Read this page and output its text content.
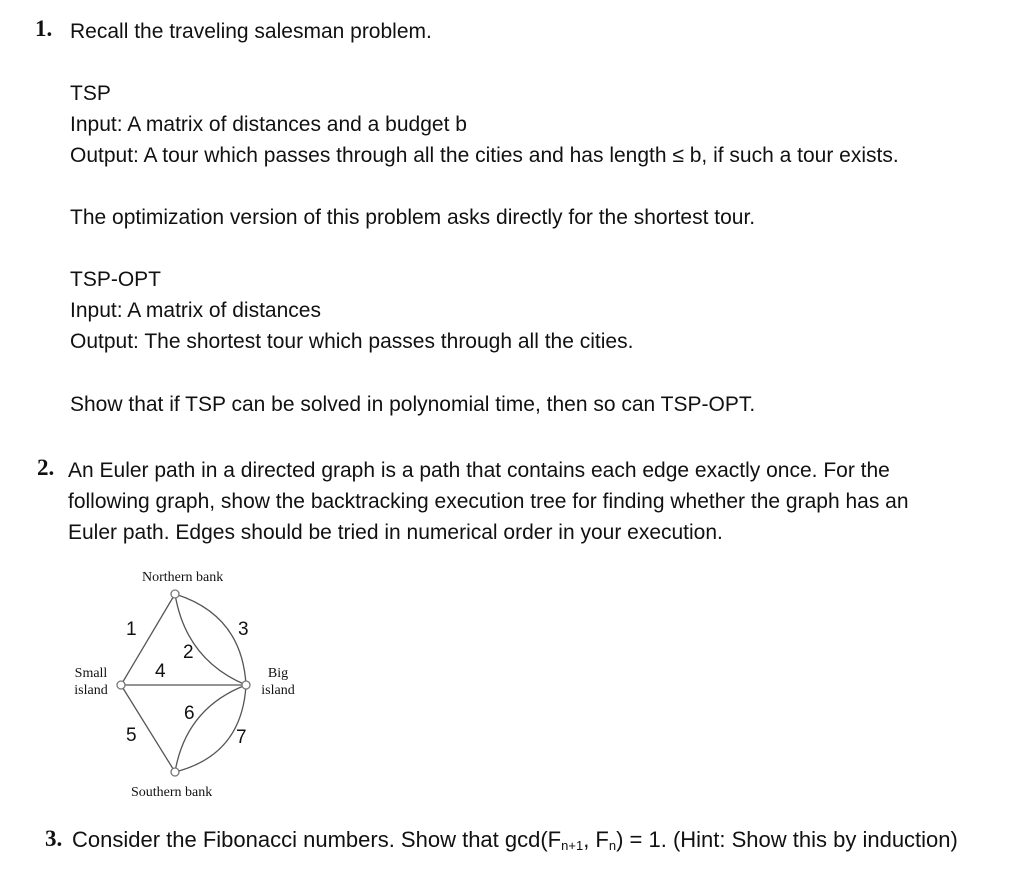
1. Recall the traveling salesman problem.
TSP
Input: A matrix of distances and a budget b
Output: A tour which passes through all the cities and has length ≤ b, if such a tour exists.
The optimization version of this problem asks directly for the shortest tour.
TSP-OPT
Input: A matrix of distances
Output: The shortest tour which passes through all the cities.
Show that if TSP can be solved in polynomial time, then so can TSP-OPT.
2. An Euler path in a directed graph is a path that contains each edge exactly once. For the
following graph, show the backtracking execution tree for finding whether the graph has an
Euler path. Edges should be tried in numerical order in your execution.
Northern bank
Small
island
Big
island
Southern bank
1
2
3
4
5
6
7
3. Consider the Fibonacci numbers. Show that $\gcd(F_{n+1}$, $F_n) = 1$. (Hint: Show this by induction)
